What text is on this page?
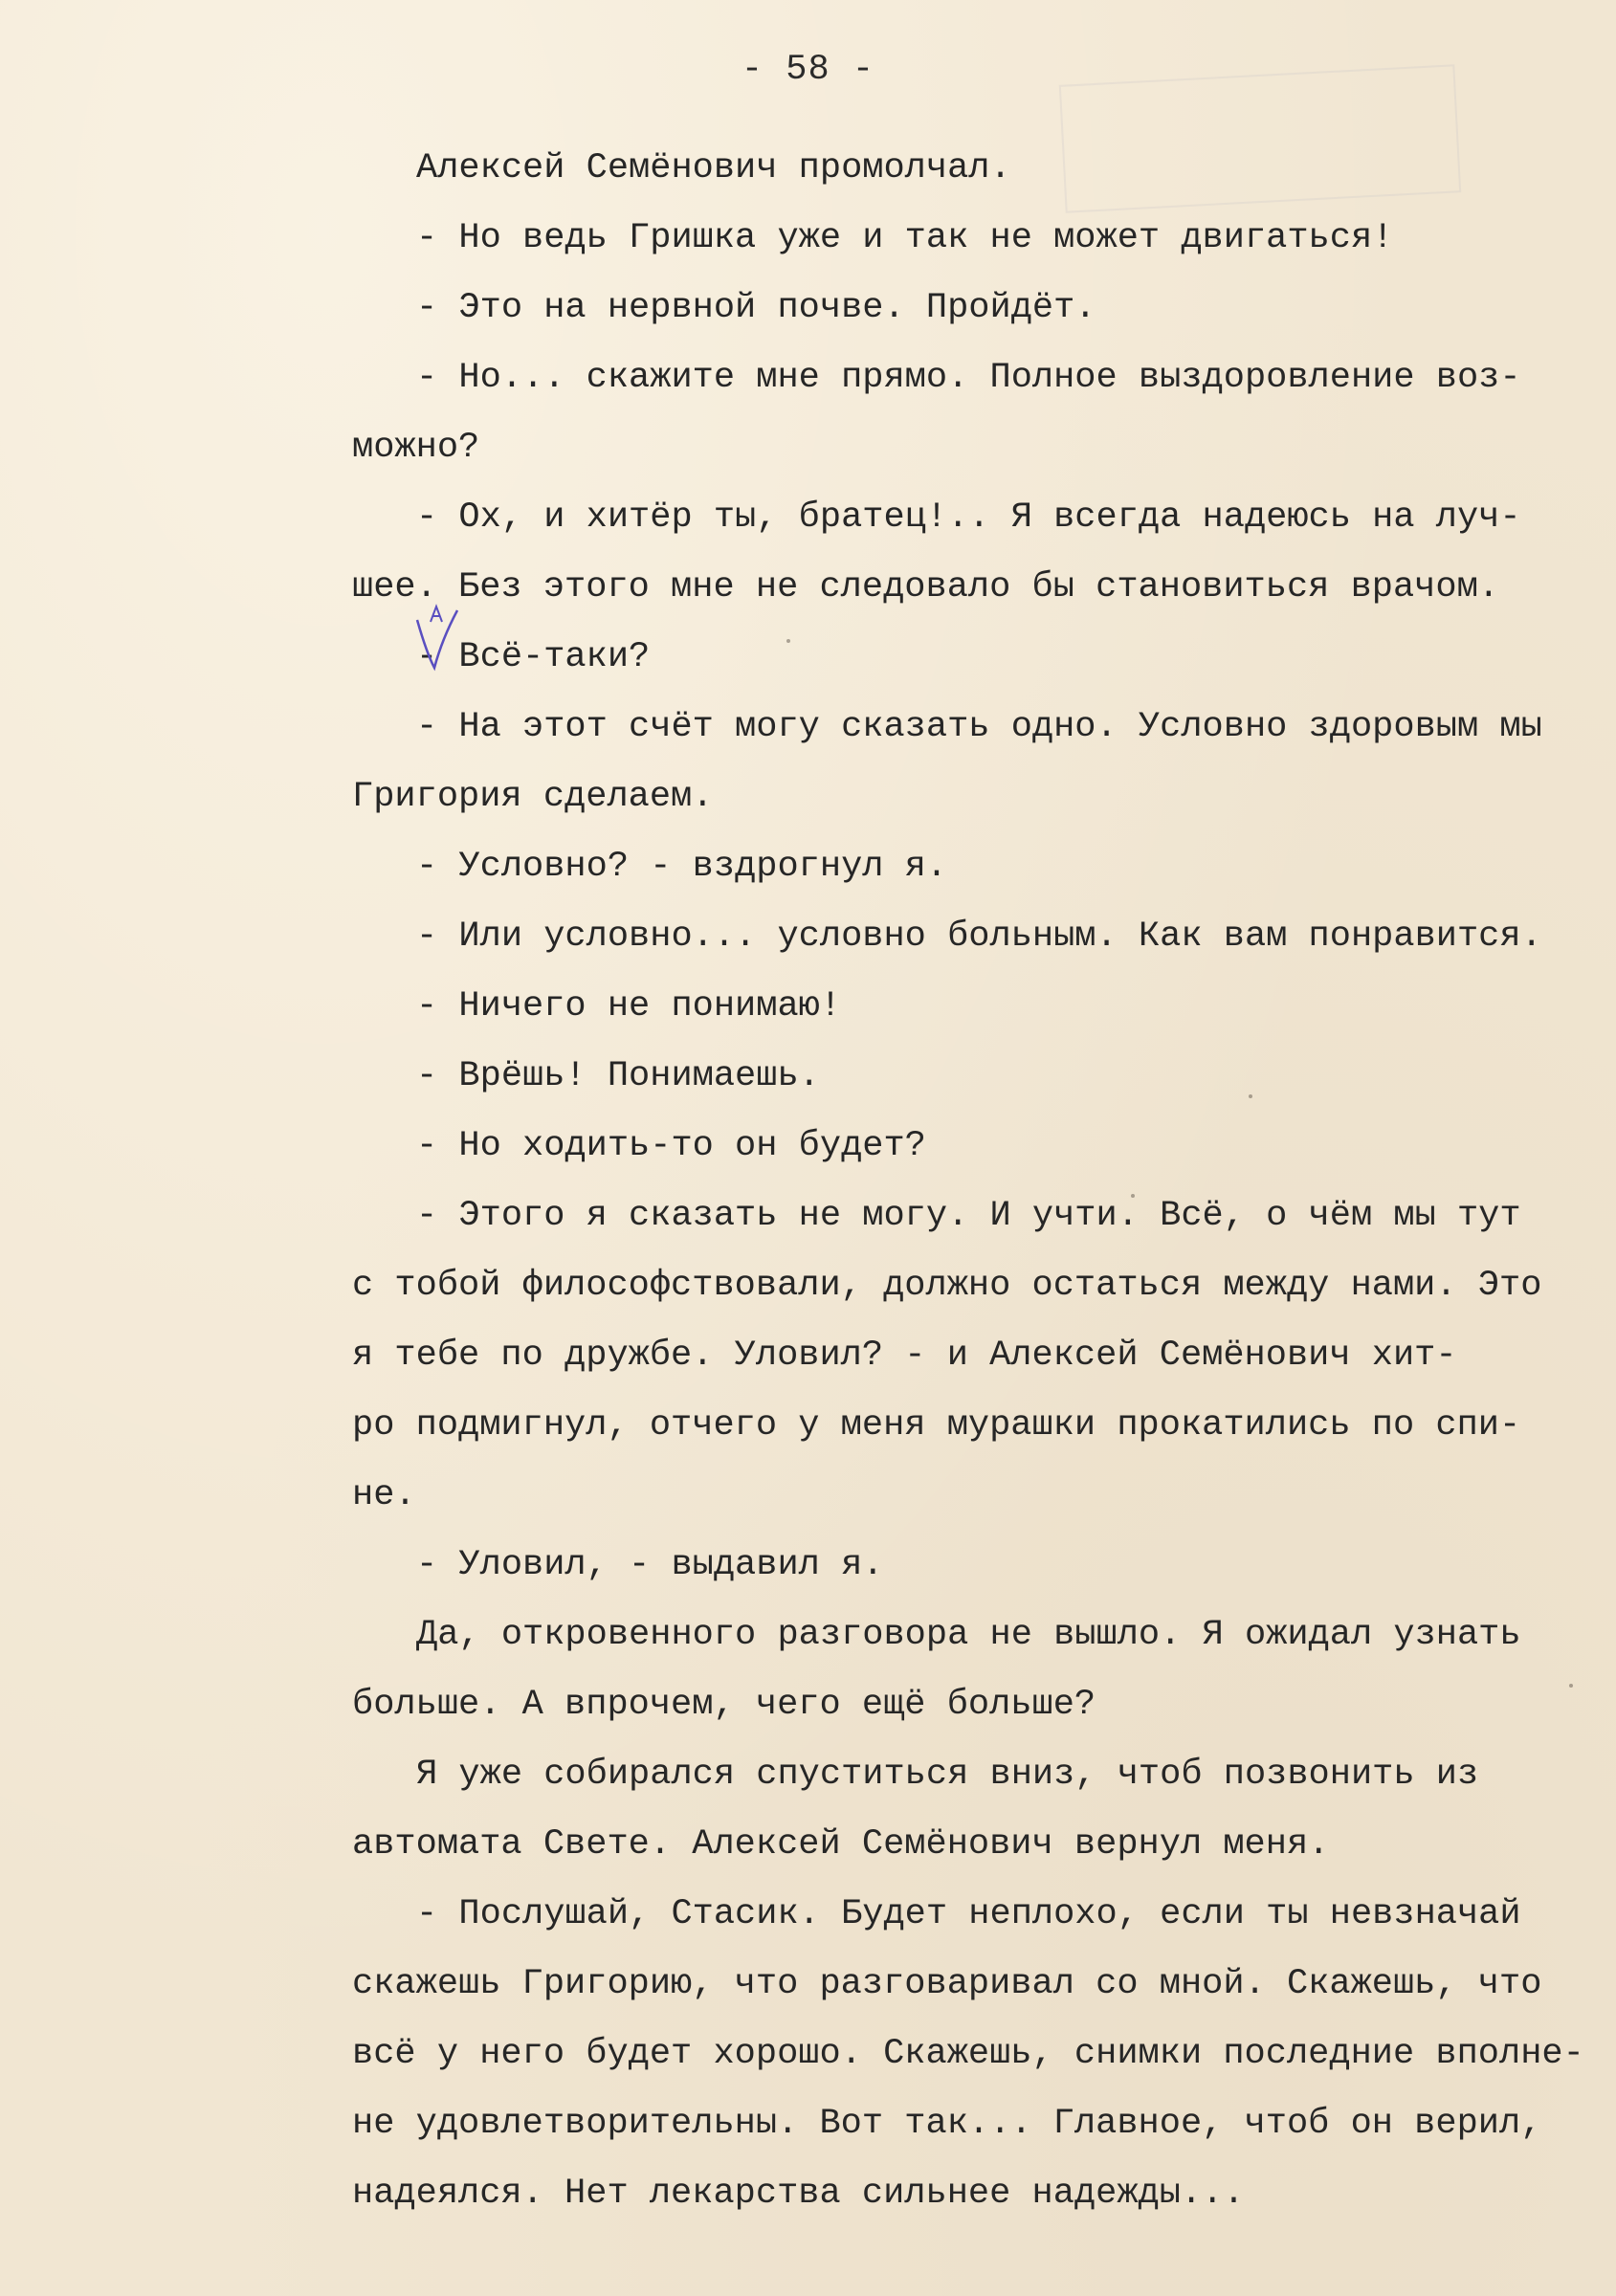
- 58 -
Алексей Семёнович промолчал.
- Но ведь Гришка уже и так не может двигаться!
- Это на нервной почве. Пройдёт.
- Но... скажите мне прямо. Полное выздоровление воз-
можно?
- Ох, и хитёр ты, братец!.. Я всегда надеюсь на луч-
шее. Без этого мне не следовало бы становиться врачом.
- Всё-таки?
- На этот счёт могу сказать одно. Условно здоровым мы
Григория сделаем.
- Условно? - вздрогнул я.
- Или условно... условно больным. Как вам понравится.
- Ничего не понимаю!
- Врёшь! Понимаешь.
- Но ходить-то он будет?
- Этого я сказать не могу. И учти. Всё, о чём мы тут
с тобой философствовали, должно остаться между нами. Это
я тебе по дружбе. Уловил? - и Алексей Семёнович хит-
ро подмигнул, отчего у меня мурашки прокатились по спи-
не.
- Уловил, - выдавил я.
Да, откровенного разговора не вышло. Я ожидал узнать
больше. А впрочем, чего ещё больше?
Я уже собирался спуститься вниз, чтоб позвонить из
автомата Свете. Алексей Семёнович вернул меня.
- Послушай, Стасик. Будет неплохо, если ты невзначай
скажешь Григорию, что разговаривал со мной. Скажешь, что
всё у него будет хорошо. Скажешь, снимки последние вполне-
не удовлетворительны. Вот так... Главное, чтоб он верил,
надеялся. Нет лекарства сильнее надежды...
